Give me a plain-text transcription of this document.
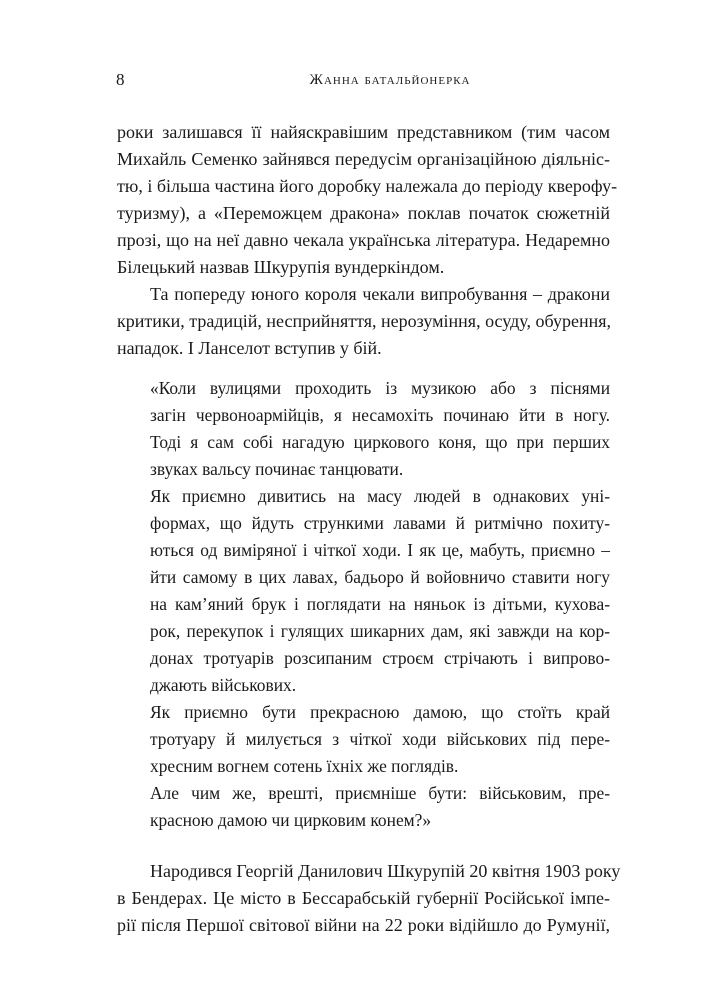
8	Жанна батальйонерка
роки залишався її найяскравішим представником (тим часом
Михайль Семенко зайнявся передусім організаційною діяльніс-
тю, і більша частина його доробку належала до періоду кверофу-
туризму), а «Переможцем дракона» поклав початок сюжетній
прозі, що на неї давно чекала українська література. Недаремно
Білецький назвав Шкурупія вундеркіндом.
Та попереду юного короля чекали випробування – дракони
критики, традицій, несприйняття, нерозуміння, осуду, обурення,
нападок. І Ланселот вступив у бій.
«Коли вулицями проходить із музикою або з піснями
загін червоноармійців, я несамохіть починаю йти в ногу.
Тоді я сам собі нагадую циркового коня, що при перших
звуках вальсу починає танцювати.
Як приємно дивитись на масу людей в однакових уні-
формах, що йдуть стрункими лавами й ритмічно похиту-
ються од виміряної і чіткої ходи. І як це, мабуть, приємно –
йти самому в цих лавах, бадьоро й войовничо ставити ногу
на кам’яний брук і поглядати на няньок із дітьми, кухова-
рок, перекупок і гулящих шикарних дам, які завжди на кор-
донах тротуарів розсипаним строєм стрічають і випрово-
джають військових.
Як приємно бути прекрасною дамою, що стоїть край
тротуару й милується з чіткої ходи військових під пере-
хресним вогнем сотень їхніх же поглядів.
Але чим же, врешті, приємніше бути: військовим, пре-
красною дамою чи цирковим конем?»
Народився Георгій Данилович Шкурупій 20 квітня 1903 року
в Бендерах. Це місто в Бессарабській губернії Російської імпе-
рії після Першої світової війни на 22 роки відійшло до Румунії,
